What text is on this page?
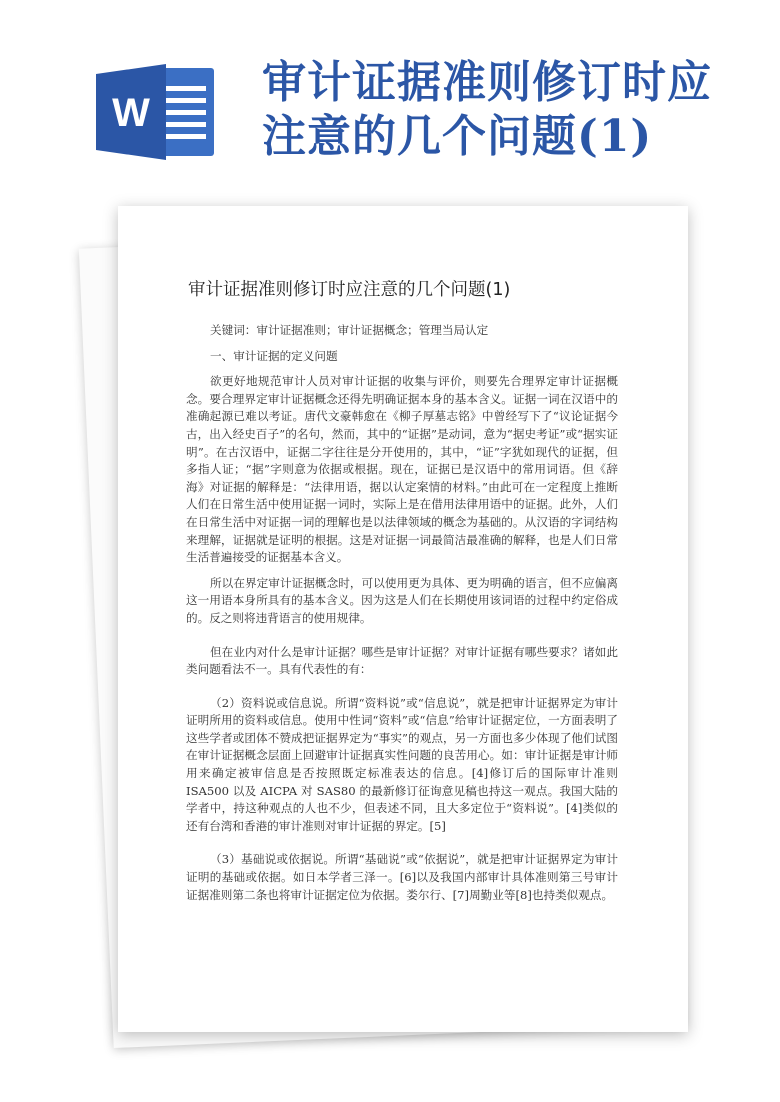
W
审计证据准则修订时应
注意的几个问题(1)
审计证据准则修订时应注意的几个问题(1)

关键词：审计证据准则；审计证据概念；管理当局认定

一、审计证据的定义问题

欲更好地规范审计人员对审计证据的收集与评价，则要先合理界定审计证据概念。要合理界定审计证据概念还得先明确证据本身的基本含义。证据一词在汉语中的准确起源已难以考证。唐代文豪韩愈在《柳子厚墓志铭》中曾经写下了“议论证据今古，出入经史百子”的名句，然而，其中的“证据”是动词，意为“据史考证”或“据实证明”。在古汉语中，证据二字往往是分开使用的，其中，“证”字犹如现代的证据，但多指人证；“据”字则意为依据或根据。现在，证据已是汉语中的常用词语。但《辞海》对证据的解释是：“法律用语，据以认定案情的材料。”由此可在一定程度上推断人们在日常生活中使用证据一词时，实际上是在借用法律用语中的证据。此外，人们在日常生活中对证据一词的理解也是以法律领域的概念为基础的。从汉语的字词结构来理解，证据就是证明的根据。这是对证据一词最简洁最准确的解释，也是人们日常生活普遍接受的证据基本含义。

所以在界定审计证据概念时，可以使用更为具体、更为明确的语言，但不应偏离这一用语本身所具有的基本含义。因为这是人们在长期使用该词语的过程中约定俗成的。反之则将违背语言的使用规律。

但在业内对什么是审计证据？哪些是审计证据？对审计证据有哪些要求？诸如此类问题看法不一。具有代表性的有：

（2）资料说或信息说。所谓“资料说”或“信息说”，就是把审计证据界定为审计证明所用的资料或信息。使用中性词“资料”或“信息”给审计证据定位，一方面表明了这些学者或团体不赞成把证据界定为“事实”的观点，另一方面也多少体现了他们试图在审计证据概念层面上回避审计证据真实性问题的良苦用心。如：审计证据是审计师用来确定被审信息是否按照既定标准表达的信息。[4]修订后的国际审计准则 ISA500 以及 AICPA 对 SAS80 的最新修订征询意见稿也持这一观点。我国大陆的学者中，持这种观点的人也不少，但表述不同，且大多定位于“资料说”。[4]类似的还有台湾和香港的审计准则对审计证据的界定。[5]

（3）基础说或依据说。所谓“基础说”或“依据说”，就是把审计证据界定为审计证明的基础或依据。如日本学者三泽一。[6]以及我国内部审计具体准则第三号审计证据准则第二条也将审计证据定位为依据。娄尔行、[7]周勤业等[8]也持类似观点。
